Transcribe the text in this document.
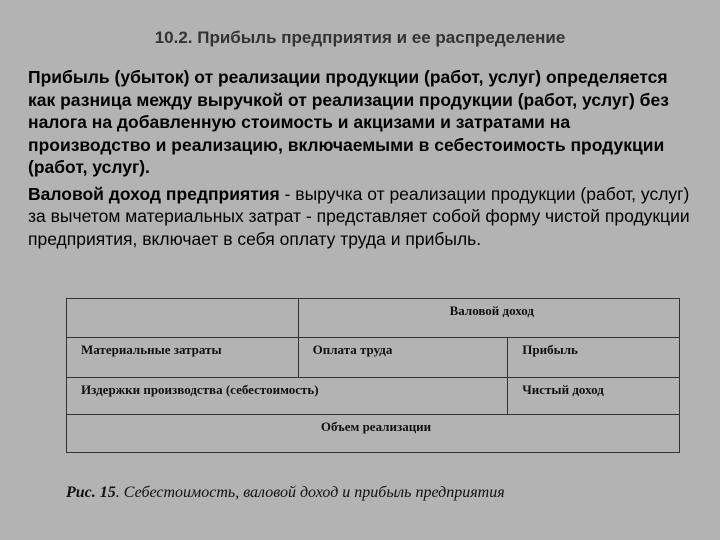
10.2. Прибыль предприятия и ее распределение

Прибыль (убыток) от реализации продукции (работ, услуг) определяется как разница между выручкой от реализации продукции (работ, услуг) без налога на добавленную стоимость и акцизами и затратами на производство и реализацию, включаемыми в себестоимость продукции (работ, услуг).

Валовой доход предприятия - выручка от реализации продукции (работ, услуг) за вычетом материальных затрат - представляет собой форму чистой продукции предприятия, включает в себя оплату труда и прибыль.

	Валовой доход	
Материальные затраты	Оплата труда	Прибыль
Издержки производства (себестоимость)		Чистый доход
Объем реализации		
Рис. 15. Себестоимость, валовой доход и прибыль предприятия
